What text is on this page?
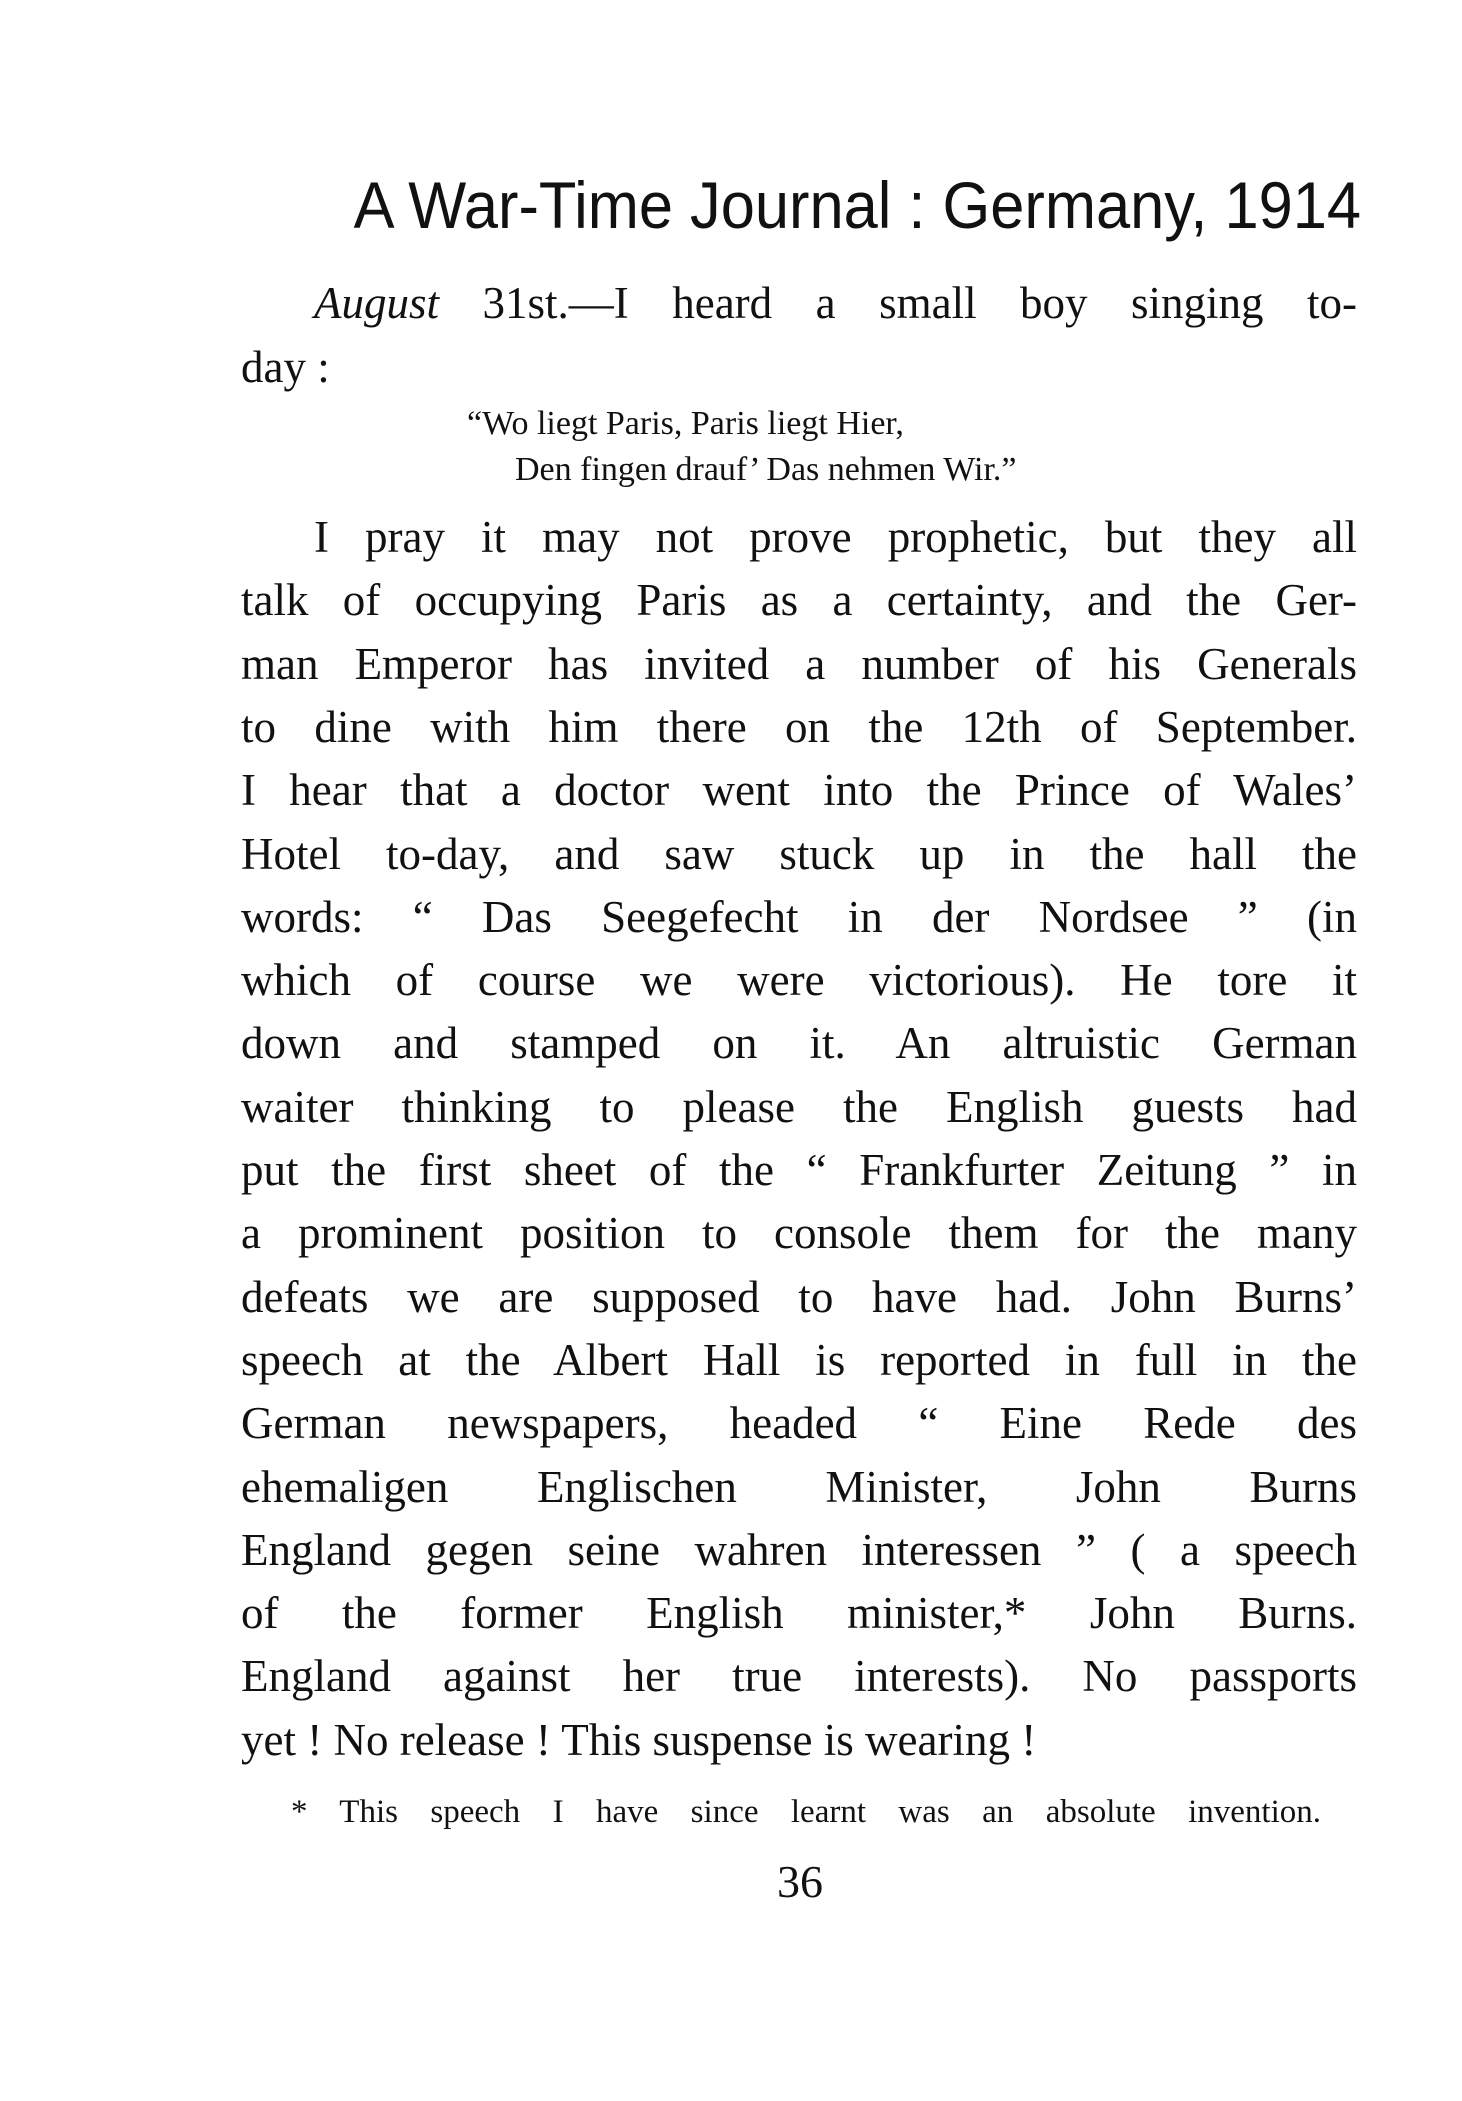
A War-Time Journal : Germany, 1914
August 31st.—I heard a small boy singing to-
day :
“Wo liegt Paris, Paris liegt Hier,
Den fingen drauf’ Das nehmen Wir.”
I pray it may not prove prophetic, but they all
talk of occupying Paris as a certainty, and the Ger-
man Emperor has invited a number of his Generals
to dine with him there on the 12th of September.
I hear that a doctor went into the Prince of Wales’
Hotel to-day, and saw stuck up in the hall the
words: “ Das Seegefecht in der Nordsee ” (in
which of course we were victorious). He tore it
down and stamped on it. An altruistic German
waiter thinking to please the English guests had
put the first sheet of the “ Frankfurter Zeitung ” in
a prominent position to console them for the many
defeats we are supposed to have had. John Burns’
speech at the Albert Hall is reported in full in the
German newspapers, headed “ Eine Rede des
ehemaligen Englischen Minister, John Burns
England gegen seine wahren interessen ” ( a speech
of the former English minister,* John Burns.
England against her true interests). No passports
yet ! No release ! This suspense is wearing !
* This speech I have since learnt was an absolute invention.
36
